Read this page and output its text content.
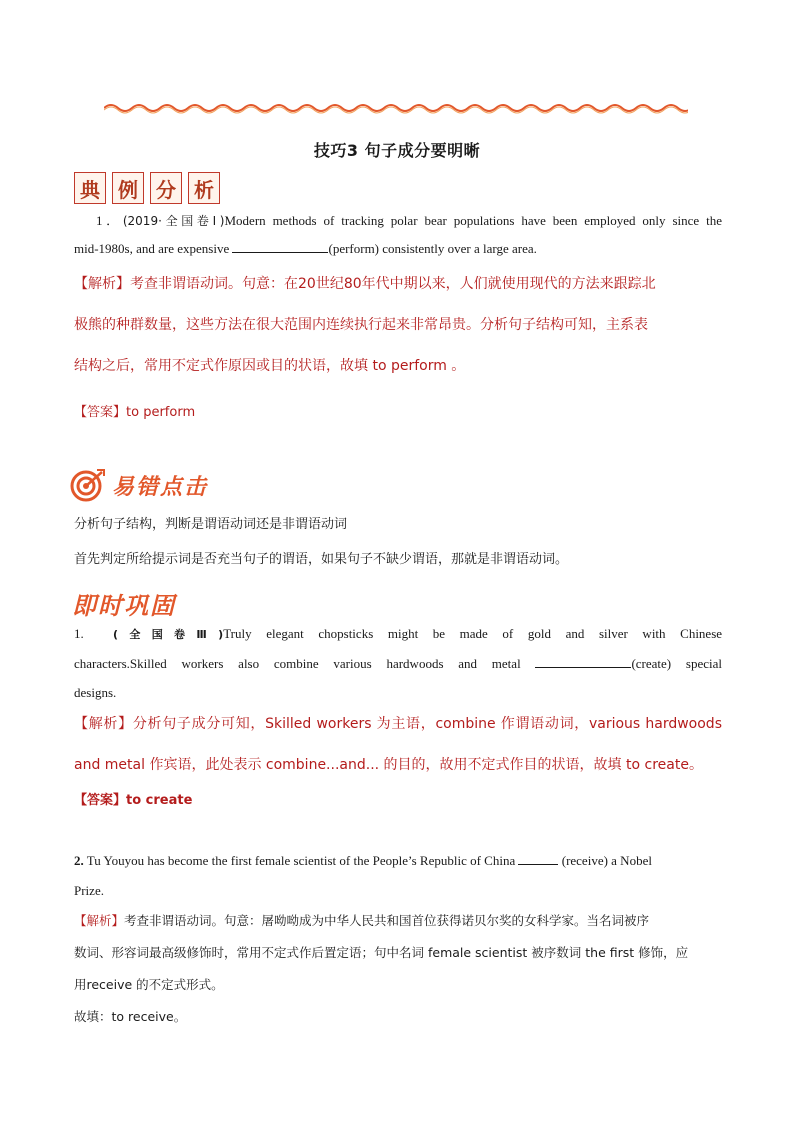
技巧3 句子成分要明晰
典 例 分 析
1．(2019·全国卷Ⅰ)Modern methods of tracking polar bear populations have been employed only since the
mid-1980s, and are expensive	(perform) consistently over a large area.
【解析】考查非谓语动词。句意：在20世纪80年代中期以来，人们就使用现代的方法来跟踪北
极熊的种群数量，这些方法在很大范围内连续执行起来非常昂贵。分析句子结构可知，主系表
结构之后，常用不定式作原因或目的状语，故填 to perform 。
【答案】to perform
易错点击
分析句子结构，判断是谓语动词还是非谓语动词
首先判定所给提示词是否充当句子的谓语，如果句子不缺少谓语，那就是非谓语动词。
即时巩固
1.	(全国卷Ⅲ)Truly elegant chopsticks might be made of gold and silver with Chinese
characters.Skilled workers also combine various hardwoods and metal	(create) special
designs.
【解析】分析句子成分可知，Skilled workers 为主语，combine 作谓语动词，various hardwoods
and metal 作宾语，此处表示 combine...and... 的目的，故用不定式作目的状语，故填 to create。
【答案】to create
2. Tu Youyou has become the first female scientist of the People’s Republic of China	(receive) a Nobel
Prize.
【解析】考查非谓语动词。句意：屠呦呦成为中华人民共和国首位获得诺贝尔奖的女科学家。当名词被序
数词、形容词最高级修饰时，常用不定式作后置定语；句中名词 female scientist 被序数词 the first 修饰，应
用receive 的不定式形式。
故填：to receive。
